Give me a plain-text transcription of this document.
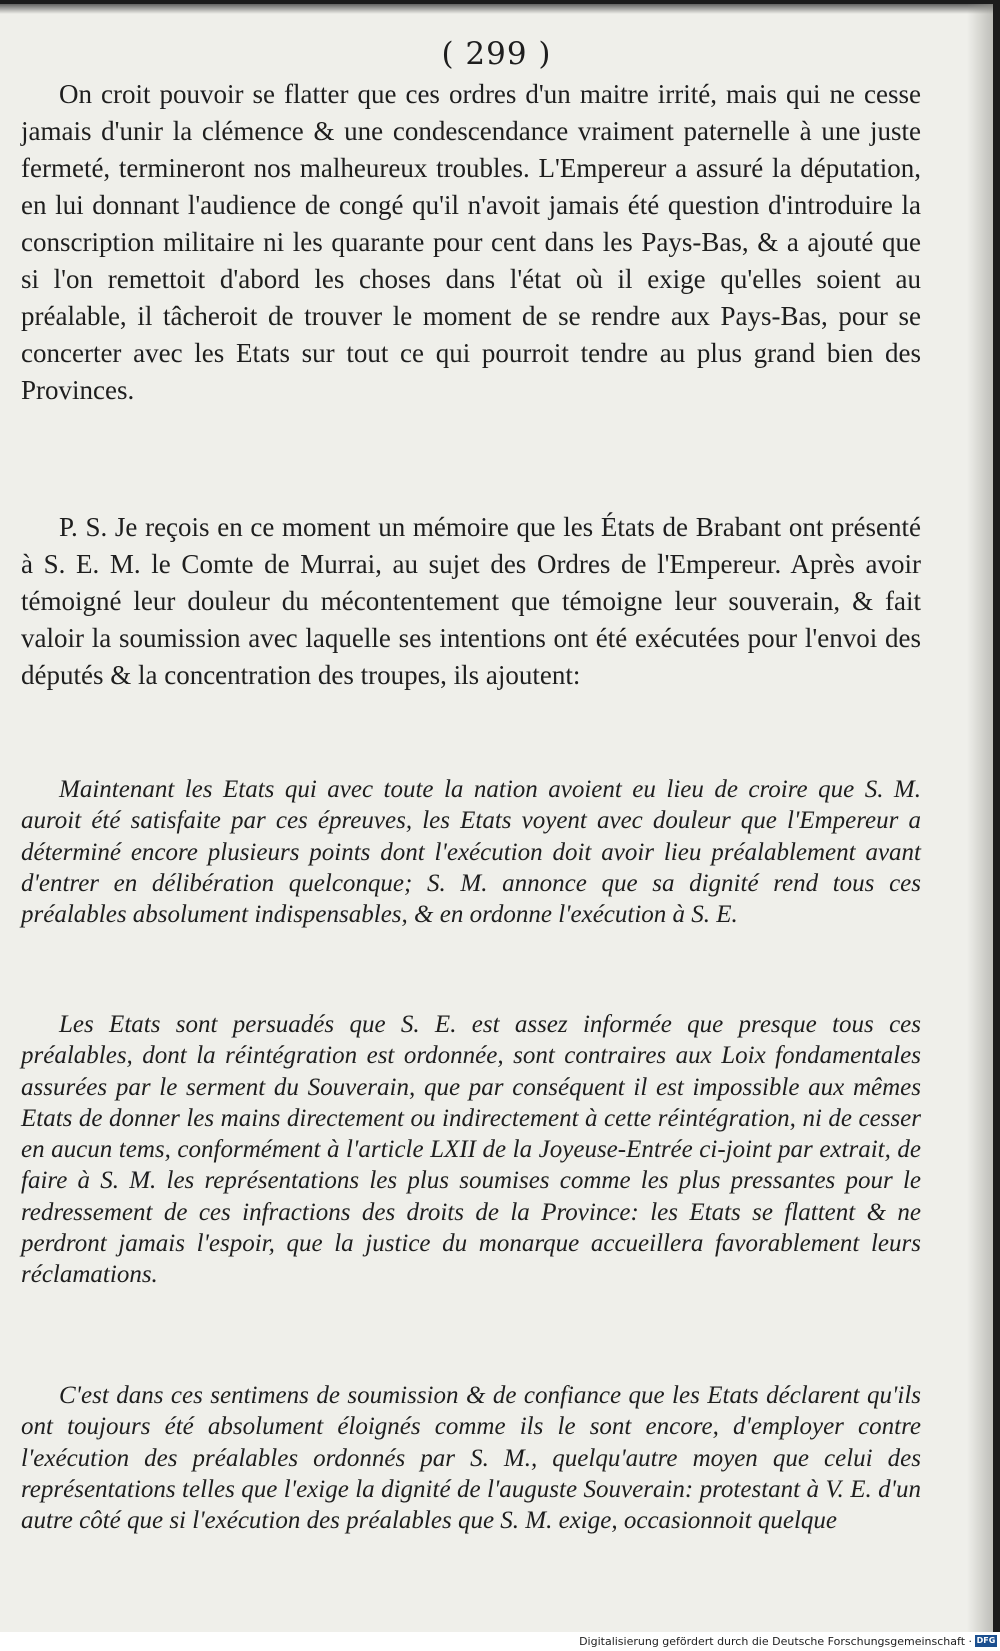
( 299 )

On croit pouvoir se flatter que ces ordres d'un maitre irrité, mais qui ne cesse jamais d'unir la clémence & une condescendance vraiment paternelle à une juste fermeté, termineront nos malheureux troubles. L'Empereur a assuré la députation, en lui donnant l'audience de congé qu'il n'avoit jamais été question d'introduire la conscription militaire ni les quarante pour cent dans les Pays-Bas, & a ajouté que si l'on remettoit d'abord les choses dans l'état où il exige qu'elles soient au préalable, il tâcheroit de trouver le moment de se rendre aux Pays-Bas, pour se concerter avec les Etats sur tout ce qui pourroit tendre au plus grand bien des Provinces.

P. S. Je reçois en ce moment un mémoire que les États de Brabant ont présenté à S. E. M. le Comte de Murrai, au sujet des Ordres de l'Empereur. Après avoir témoigné leur douleur du mécontentement que témoigne leur souverain, & fait valoir la soumission avec laquelle ses intentions ont été exécutées pour l'envoi des députés & la concentration des troupes, ils ajoutent:

Maintenant les Etats qui avec toute la nation avoient eu lieu de croire que S. M. auroit été satisfaite par ces épreuves, les Etats voyent avec douleur que l'Empereur a déterminé encore plusieurs points dont l'exécution doit avoir lieu préalablement avant d'entrer en délibération quelconque; S. M. annonce que sa dignité rend tous ces préalables absolument indispensables, & en ordonne l'exécution à S. E.

Les Etats sont persuadés que S. E. est assez informée que presque tous ces préalables, dont la réintégration est ordonnée, sont contraires aux Loix fondamentales assurées par le serment du Souverain, que par conséquent il est impossible aux mêmes Etats de donner les mains directement ou indirectement à cette réintégration, ni de cesser en aucun tems, conformément à l'article LXII de la Joyeuse-Entrée ci-joint par extrait, de faire à S. M. les représentations les plus soumises comme les plus pressantes pour le redressement de ces infractions des droits de la Province: les Etats se flattent & ne perdront jamais l'espoir, que la justice du monarque accueillera favorablement leurs réclamations.

C'est dans ces sentimens de soumission & de confiance que les Etats déclarent qu'ils ont toujours été absolument éloignés comme ils le sont encore, d'employer contre l'exécution des préalables ordonnés par S. M., quelqu'autre moyen que celui des représentations telles que l'exige la dignité de l'auguste Souverain: protestant à V. E. d'un autre côté que si l'exécution des préalables que S. M. exige, occasionnoit quelque

Digitalisierung gefördert durch die Deutsche Forschungsgemeinschaft · DFG
